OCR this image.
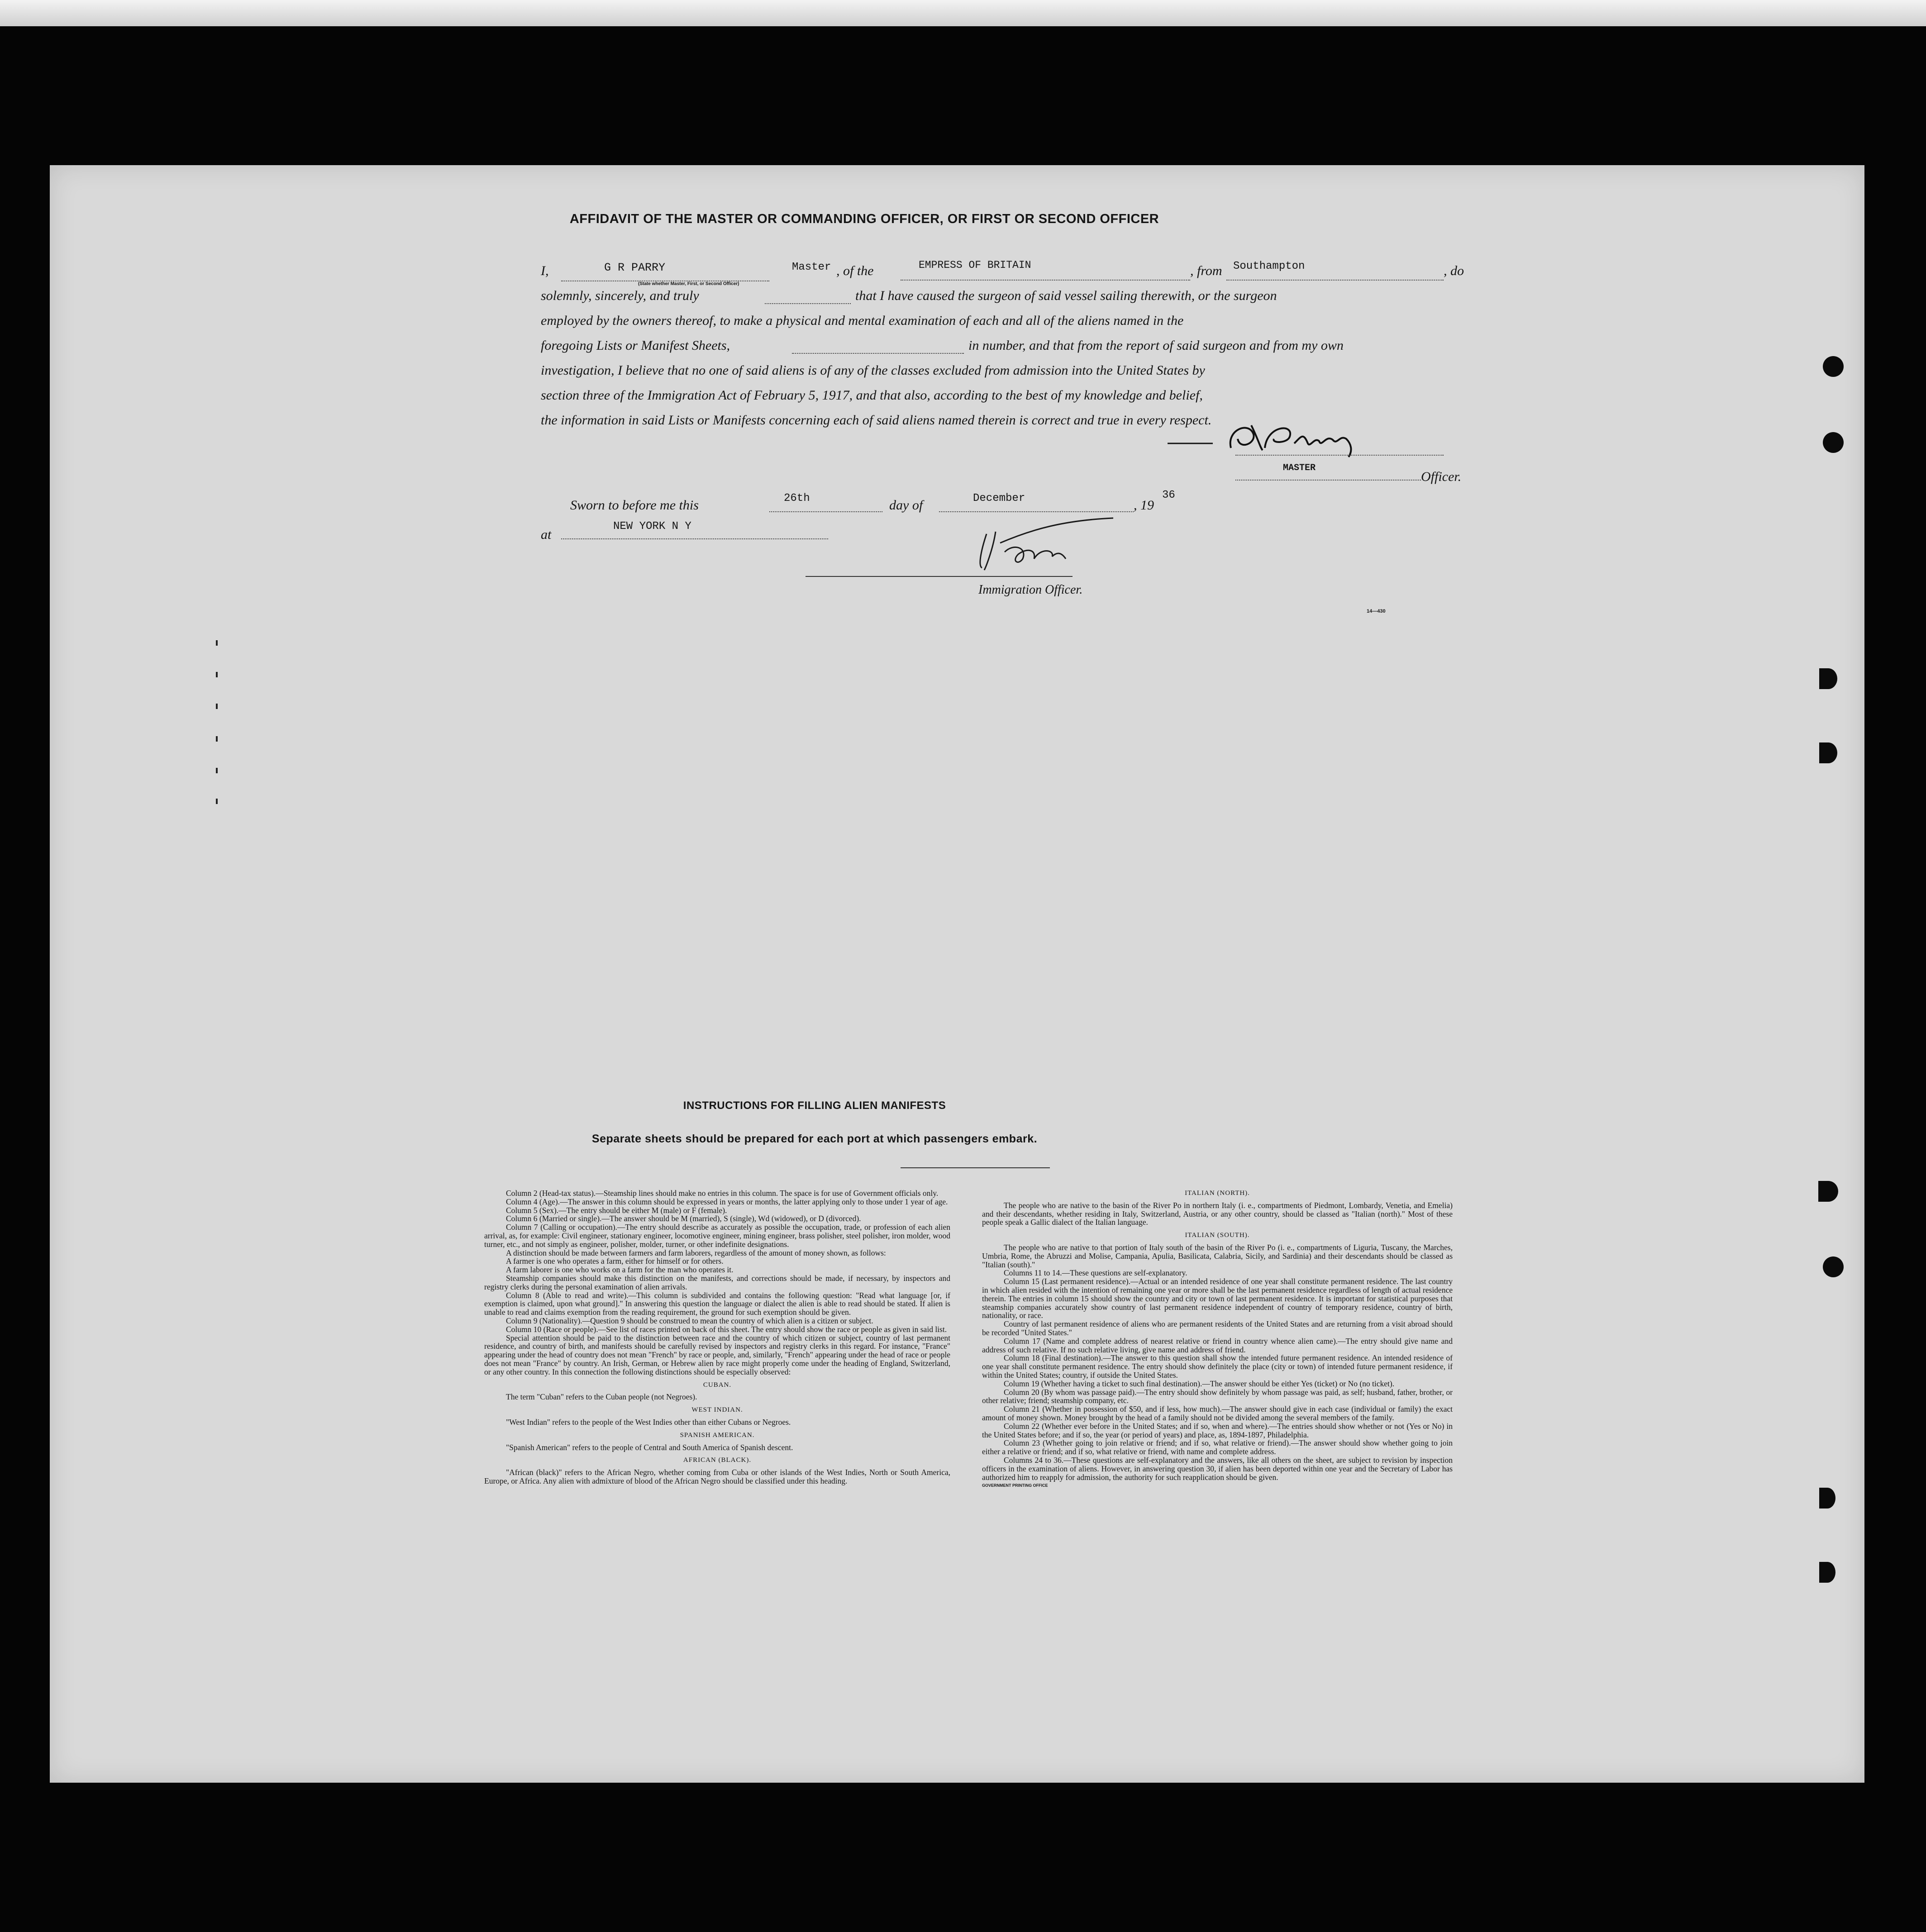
AFFIDAVIT OF THE MASTER OR COMMANDING OFFICER, OR FIRST OR SECOND OFFICER
I,	G R PARRY	Master
(State whether Master, First, or Second Officer)
, of the	EMPRESS OF BRITAIN	, from Southampton	, do
solemnly, sincerely, and truly	that I have caused the surgeon of said vessel sailing therewith, or the surgeon
employed by the owners thereof, to make a physical and mental examination of each and all of the aliens named in the
foregoing Lists or Manifest Sheets,	in number, and that from the report of said surgeon and from my own
investigation, I believe that no one of said aliens is of any of the classes excluded from admission into the United States by
section three of the Immigration Act of February 5, 1917, and that also, according to the best of my knowledge and belief,
the information in said Lists or Manifests concerning each of said aliens named therein is correct and true in every respect.
MASTER
Officer.
Sworn to before me this	26th	day of	December	, 19
36
at
NEW YORK N Y
Immigration Officer.
14—430
INSTRUCTIONS FOR FILLING ALIEN MANIFESTS
Separate sheets should be prepared for each port at which passengers embark.

Column 2 (Head-tax status).—Steamship lines should make no entries in this column. The space is for use of Government officials only.

Column 4 (Age).—The answer in this column should be expressed in years or months, the latter applying only to those under 1 year of age.

Column 5 (Sex).—The entry should be either M (male) or F (female).

Column 6 (Married or single).—The answer should be M (married), S (single), Wd (widowed), or D (divorced).

Column 7 (Calling or occupation).—The entry should describe as accurately as possible the occupation, trade, or profession of each alien arrival, as, for example: Civil engineer, stationary engineer, locomotive engineer, mining engineer, brass polisher, steel polisher, iron molder, wood turner, etc., and not simply as engineer, polisher, molder, turner, or other indefinite designations.

A distinction should be made between farmers and farm laborers, regardless of the amount of money shown, as follows:

A farmer is one who operates a farm, either for himself or for others.

A farm laborer is one who works on a farm for the man who operates it.

Steamship companies should make this distinction on the manifests, and corrections should be made, if necessary, by inspectors and registry clerks during the personal examination of alien arrivals.

Column 8 (Able to read and write).—This column is subdivided and contains the following question: "Read what language [or, if exemption is claimed, upon what ground]." In answering this question the language or dialect the alien is able to read should be stated. If alien is unable to read and claims exemption from the reading requirement, the ground for such exemption should be given.

Column 9 (Nationality).—Question 9 should be construed to mean the country of which alien is a citizen or subject.

Column 10 (Race or people).—See list of races printed on back of this sheet. The entry should show the race or people as given in said list.

Special attention should be paid to the distinction between race and the country of which citizen or subject, country of last permanent residence, and country of birth, and manifests should be carefully revised by inspectors and registry clerks in this regard. For instance, "France" appearing under the head of country does not mean "French" by race or people, and, similarly, "French" appearing under the head of race or people does not mean "France" by country. An Irish, German, or Hebrew alien by race might properly come under the heading of England, Switzerland, or any other country. In this connection the following distinctions should be especially observed:

CUBAN.

The term "Cuban" refers to the Cuban people (not Negroes).

WEST INDIAN.

"West Indian" refers to the people of the West Indies other than either Cubans or Negroes.

SPANISH AMERICAN.

"Spanish American" refers to the people of Central and South America of Spanish descent.

AFRICAN (BLACK).

"African (black)" refers to the African Negro, whether coming from Cuba or other islands of the West Indies, North or South America, Europe, or Africa. Any alien with admixture of blood of the African Negro should be classified under this heading.

ITALIAN (NORTH).

The people who are native to the basin of the River Po in northern Italy (i. e., compartments of Piedmont, Lombardy, Venetia, and Emelia) and their descendants, whether residing in Italy, Switzerland, Austria, or any other country, should be classed as "Italian (north)." Most of these people speak a Gallic dialect of the Italian language.

ITALIAN (SOUTH).

The people who are native to that portion of Italy south of the basin of the River Po (i. e., compartments of Liguria, Tuscany, the Marches, Umbria, Rome, the Abruzzi and Molise, Campania, Apulia, Basilicata, Calabria, Sicily, and Sardinia) and their descendants should be classed as "Italian (south)."

Columns 11 to 14.—These questions are self-explanatory.

Column 15 (Last permanent residence).—Actual or an intended residence of one year shall constitute permanent residence. The last country in which alien resided with the intention of remaining one year or more shall be the last permanent residence regardless of length of actual residence therein. The entries in column 15 should show the country and city or town of last permanent residence. It is important for statistical purposes that steamship companies accurately show country of last permanent residence independent of country of temporary residence, country of birth, nationality, or race.

Country of last permanent residence of aliens who are permanent residents of the United States and are returning from a visit abroad should be recorded "United States."

Column 17 (Name and complete address of nearest relative or friend in country whence alien came).—The entry should give name and address of such relative. If no such relative living, give name and address of friend.

Column 18 (Final destination).—The answer to this question shall show the intended future permanent residence. An intended residence of one year shall constitute permanent residence. The entry should show definitely the place (city or town) of intended future permanent residence, if within the United States; country, if outside the United States.

Column 19 (Whether having a ticket to such final destination).—The answer should be either Yes (ticket) or No (no ticket).

Column 20 (By whom was passage paid).—The entry should show definitely by whom passage was paid, as self; husband, father, brother, or other relative; friend; steamship company, etc.

Column 21 (Whether in possession of $50, and if less, how much).—The answer should give in each case (individual or family) the exact amount of money shown. Money brought by the head of a family should not be divided among the several members of the family.

Column 22 (Whether ever before in the United States; and if so, when and where).—The entries should show whether or not (Yes or No) in the United States before; and if so, the year (or period of years) and place, as, 1894-1897, Philadelphia.

Column 23 (Whether going to join relative or friend; and if so, what relative or friend).—The answer should show whether going to join either a relative or friend; and if so, what relative or friend, with name and complete address.

Columns 24 to 36.—These questions are self-explanatory and the answers, like all others on the sheet, are subject to revision by inspection officers in the examination of aliens. However, in answering question 30, if alien has been deported within one year and the Secretary of Labor has authorized him to reapply for admission, the authority for such reapplication should be given.

GOVERNMENT PRINTING OFFICE
